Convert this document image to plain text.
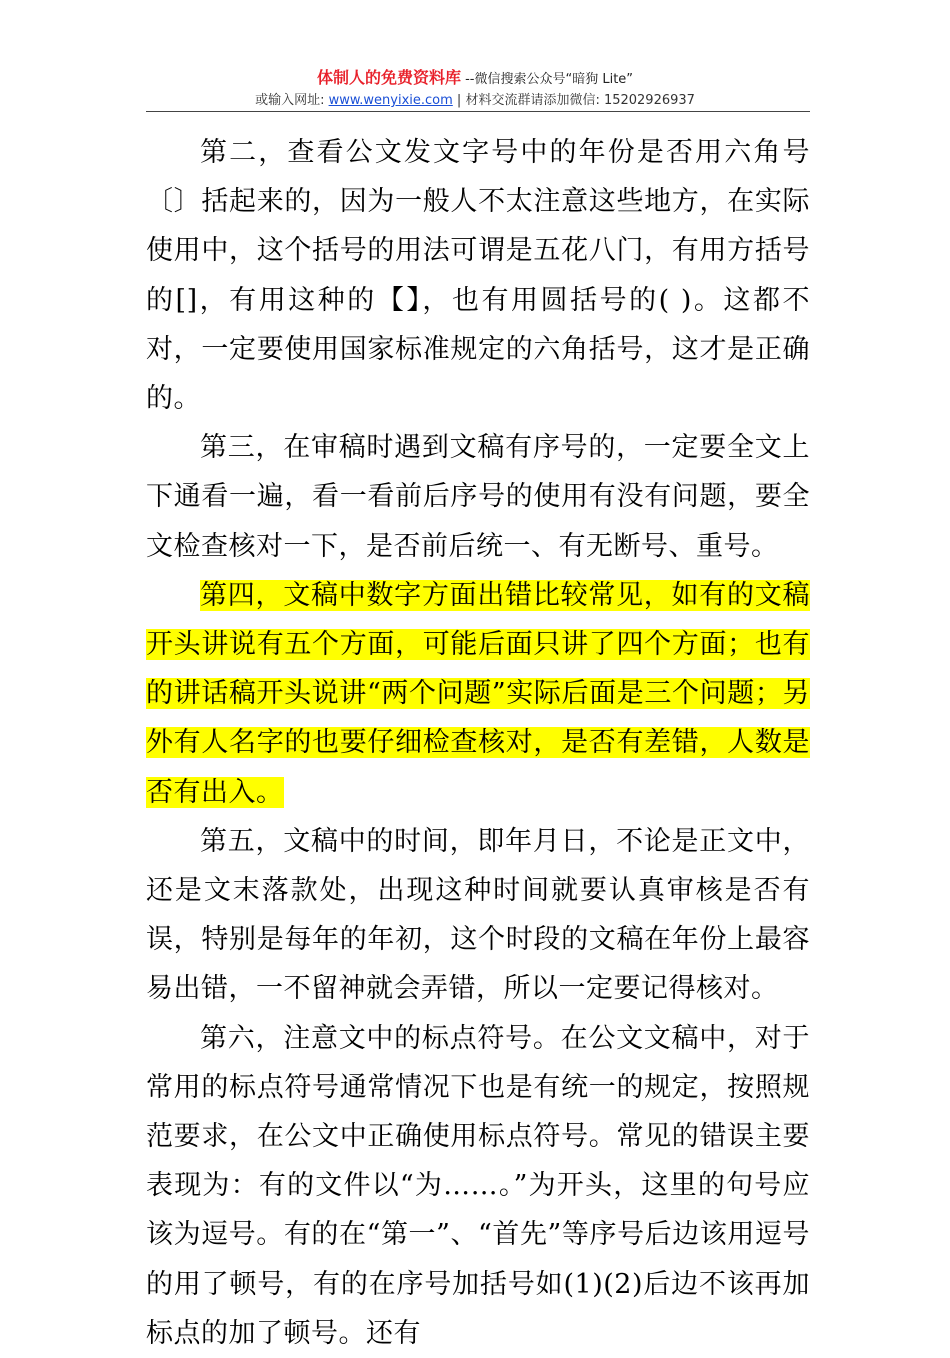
体制人的免费资料库 --微信搜索公众号“暗狗 Lite”
或输入网址: www.wenyixie.com | 材料交流群请添加微信: 15202926937

第二，查看公文发文字号中的年份是否用六角号〔〕括起来的，因为一般人不太注意这些地方，在实际使用中，这个括号的用法可谓是五花八门，有用方括号的[]，有用这种的【】，也有用圆括号的( )。这都不对，一定要使用国家标准规定的六角括号，这才是正确的。

第三，在审稿时遇到文稿有序号的，一定要全文上下通看一遍，看一看前后序号的使用有没有问题，要全文检查核对一下，是否前后统一、有无断号、重号。

第四，文稿中数字方面出错比较常见，如有的文稿开头讲说有五个方面，可能后面只讲了四个方面；也有的讲话稿开头说讲“两个问题”实际后面是三个问题；另外有人名字的也要仔细检查核对，是否有差错，人数是否有出入。

第五，文稿中的时间，即年月日，不论是正文中，还是文末落款处，出现这种时间就要认真审核是否有误，特别是每年的年初，这个时段的文稿在年份上最容易出错，一不留神就会弄错，所以一定要记得核对。

第六，注意文中的标点符号。在公文文稿中，对于常用的标点符号通常情况下也是有统一的规定，按照规范要求，在公文中正确使用标点符号。常见的错误主要表现为：有的文件以“为……。”为开头，这里的句号应该为逗号。有的在“第一”、“首先”等序号后边该用逗号的用了顿号，有的在序号加括号如(1)(2)后边不该再加标点的加了顿号。还有
